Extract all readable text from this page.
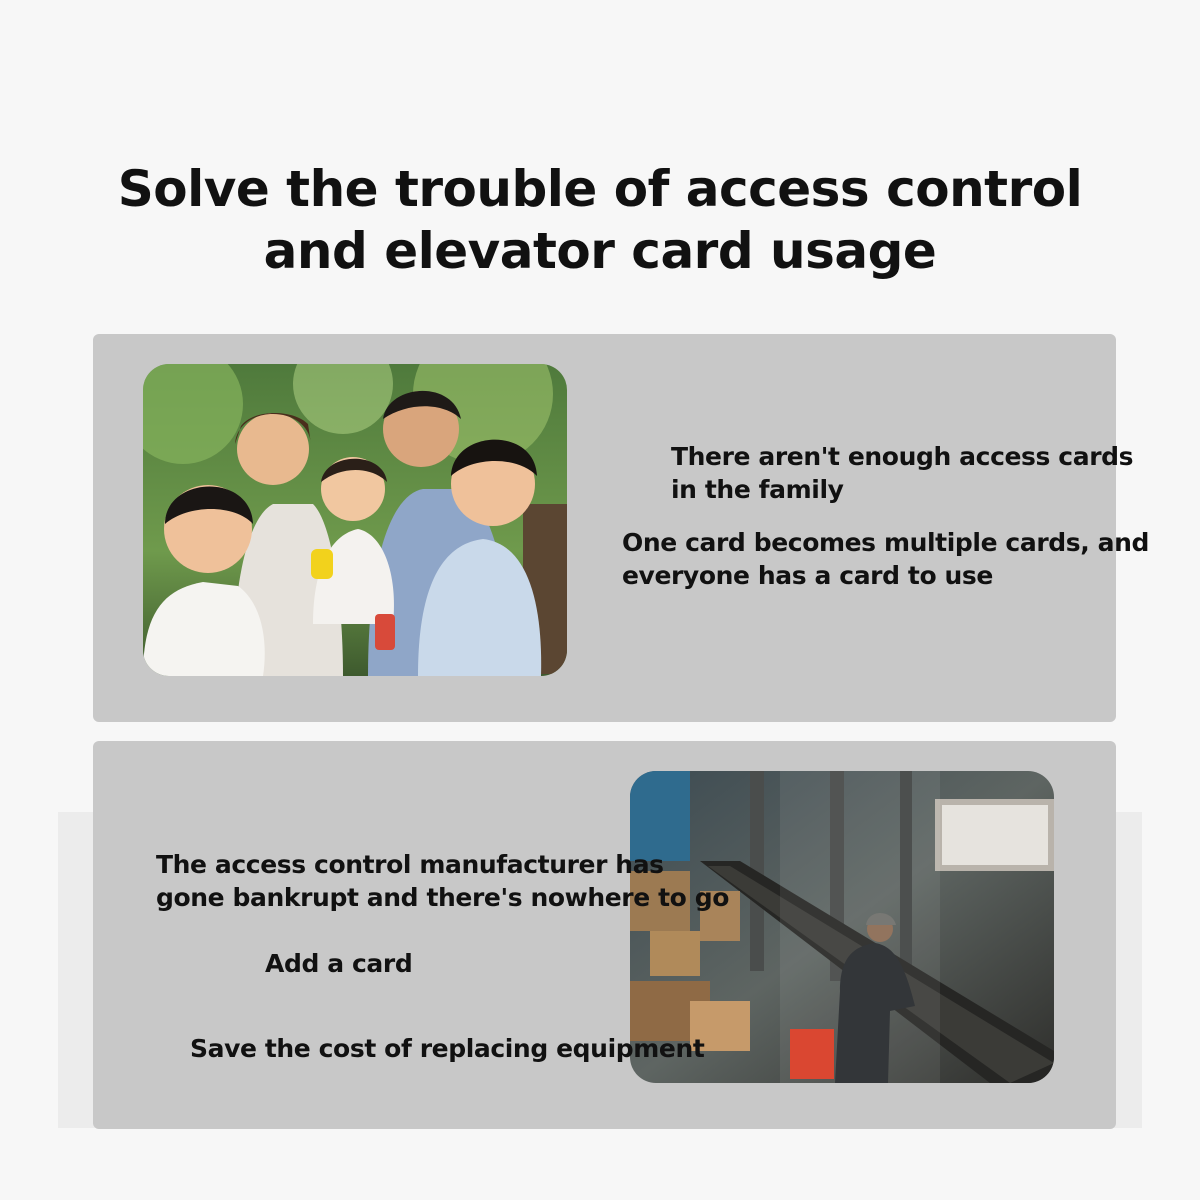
Solve the trouble of access control
and elevator card usage
There aren't enough access cards
in the family
One card becomes multiple cards, and
everyone has a card to use
The access control manufacturer has
gone bankrupt and there's nowhere to go
Add a card
Save the cost of replacing equipment
